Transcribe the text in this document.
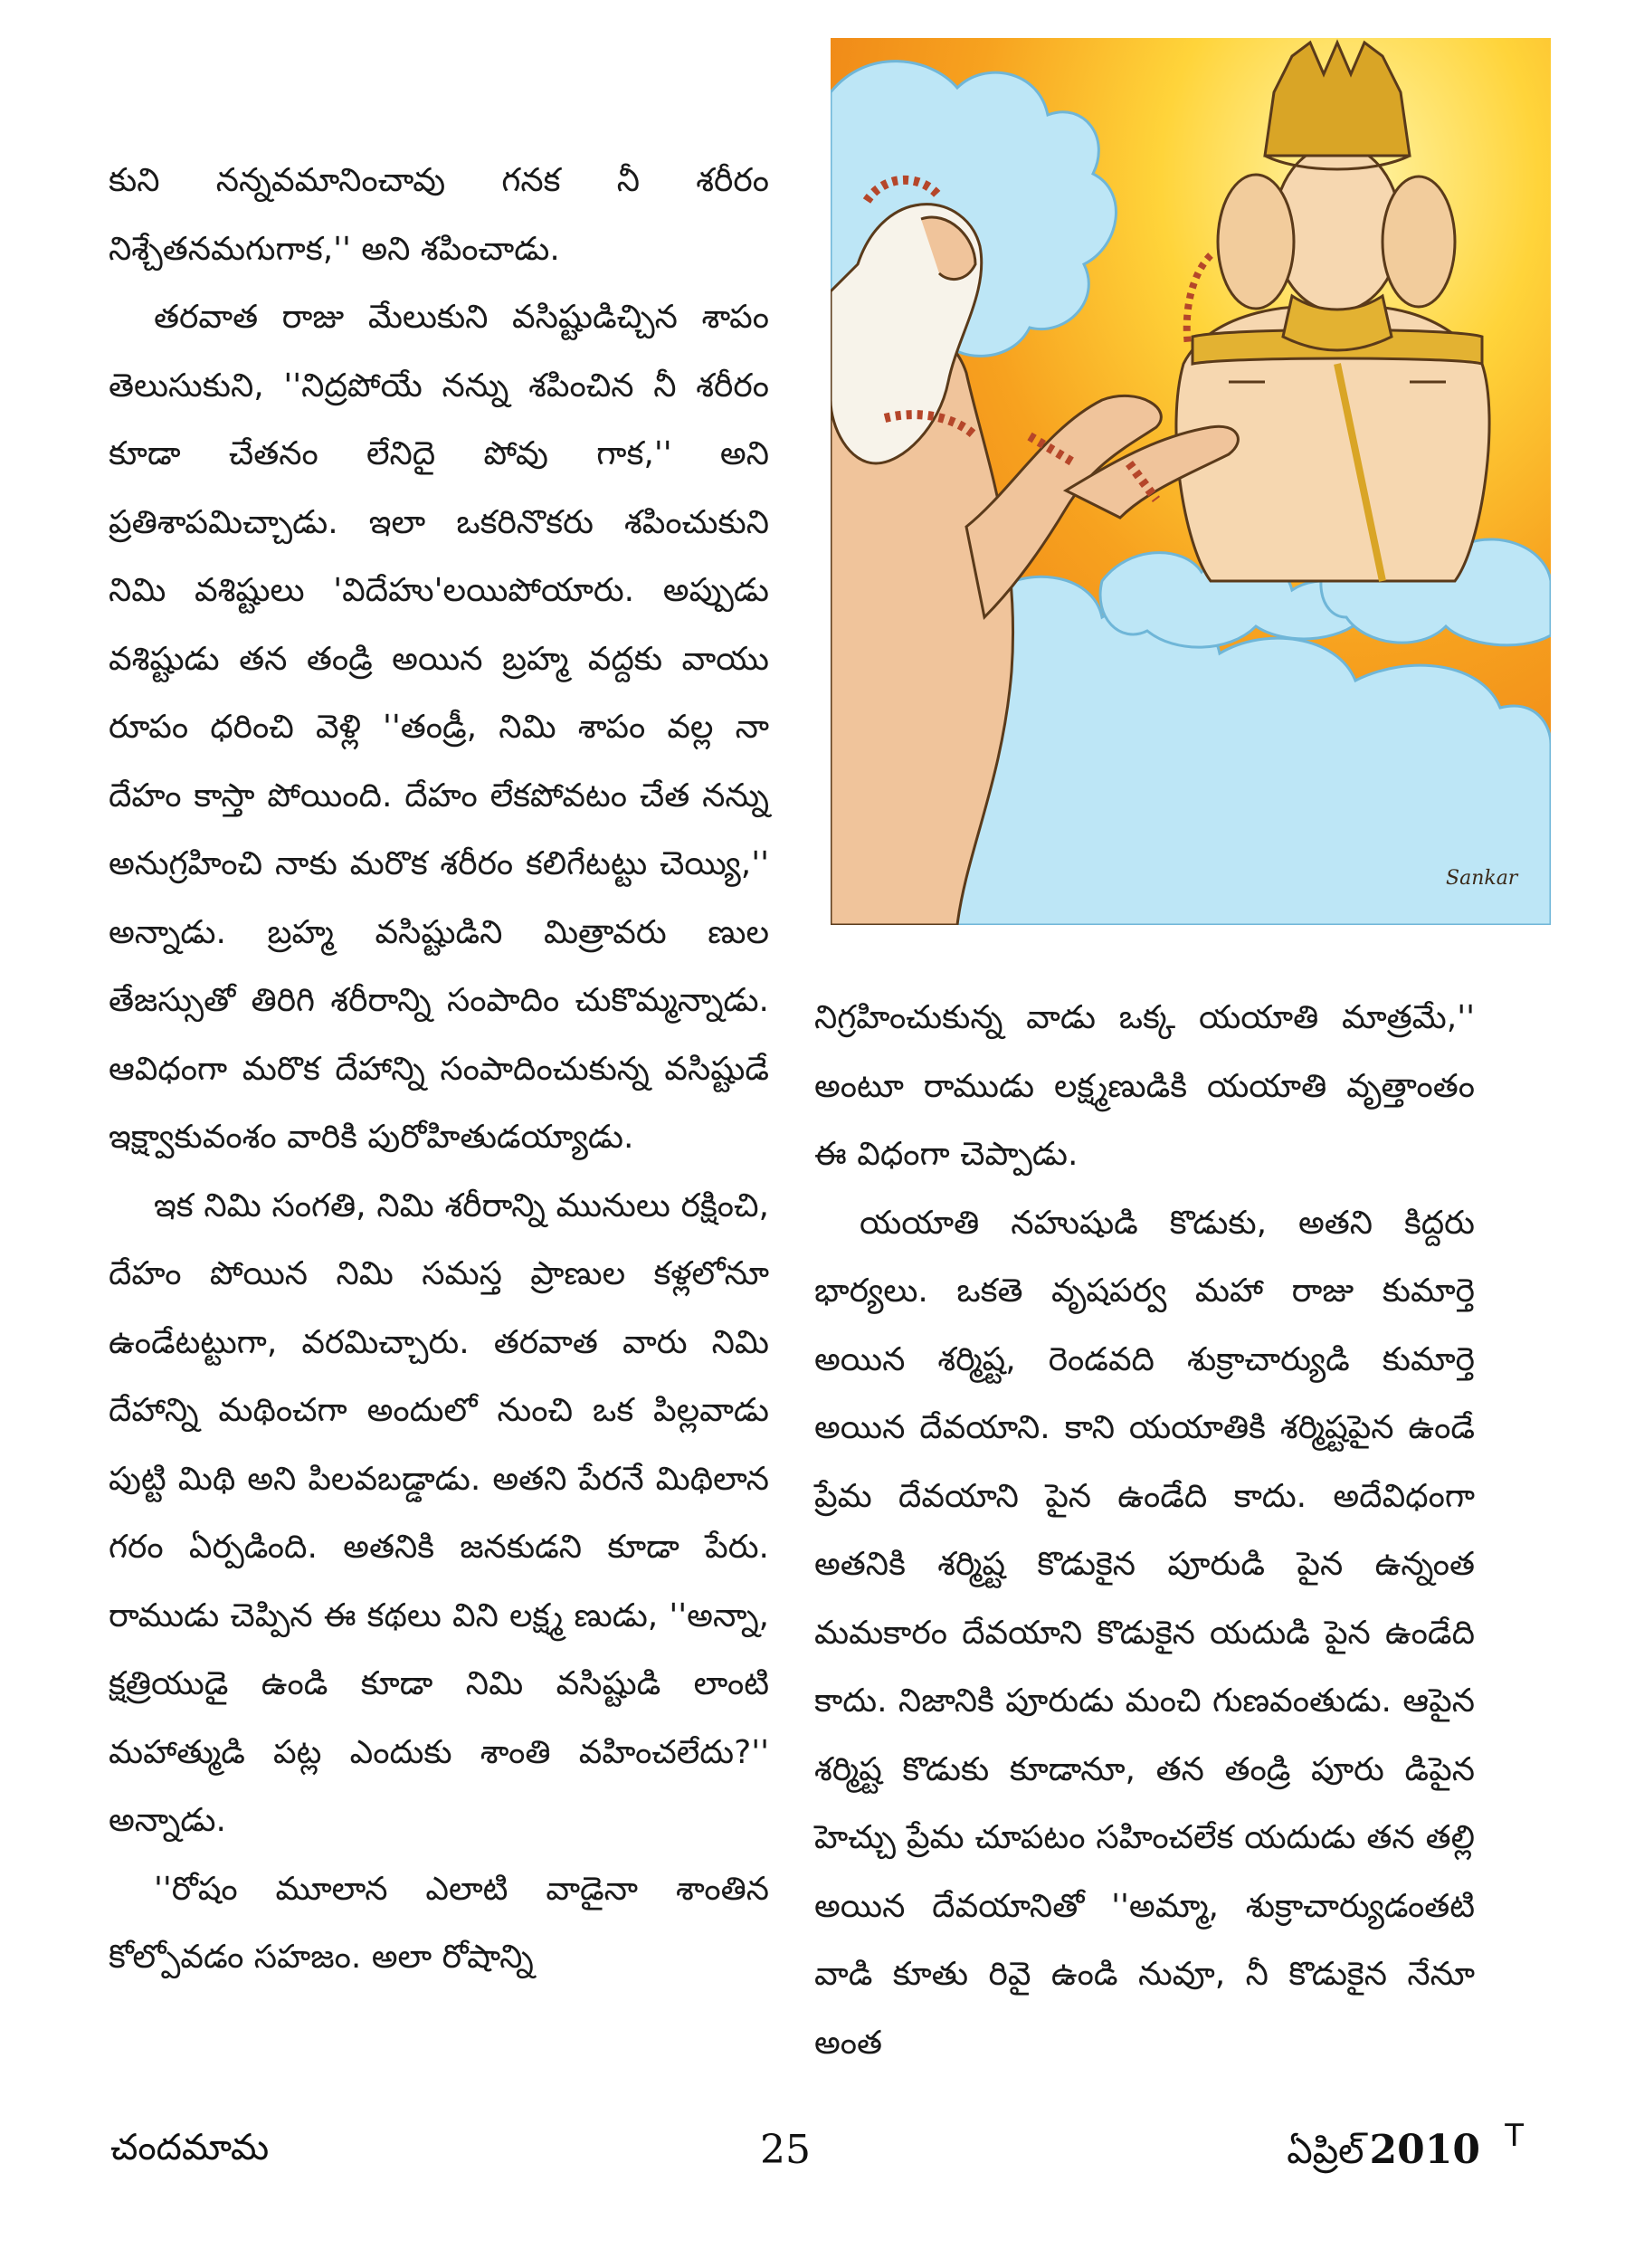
కుని నన్నవమానించావు గనక నీ శరీరం నిశ్చేతనమగుగాక,'' అని శపించాడు.

తరవాత రాజు మేలుకుని వసిష్టుడిచ్చిన శాపం తెలుసుకుని, ''నిద్రపోయే నన్ను శపించిన నీ శరీరం కూడా చేతనం లేనిదై పోవు గాక,'' అని ప్రతిశాపమిచ్చాడు. ఇలా ఒకరినొకరు శపించుకుని నిమి వశిష్టులు 'విదేహు'లయిపోయారు. అప్పుడు వశిష్టుడు తన తండ్రి అయిన బ్రహ్మ వద్దకు వాయు రూపం ధరించి వెళ్లి ''తండ్రీ, నిమి శాపం వల్ల నా దేహం కాస్తా పోయింది. దేహం లేకపోవటం చేత నన్ను అనుగ్రహించి నాకు మరొక శరీరం కలిగేటట్టు చెయ్యి,'' అన్నాడు. బ్రహ్మ వసిష్టుడిని మిత్రావరు ణుల తేజస్సుతో తిరిగి శరీరాన్ని సంపాదిం చుకొమ్మన్నాడు. ఆవిధంగా మరొక దేహాన్ని సంపాదించుకున్న వసిష్టుడే ఇక్ష్వాకువంశం వారికి పురోహితుడయ్యాడు.

ఇక నిమి సంగతి, నిమి శరీరాన్ని మునులు రక్షించి, దేహం పోయిన నిమి సమస్త ప్రాణుల కళ్లలోనూ ఉండేటట్టుగా, వరమిచ్చారు. తరవాత వారు నిమి దేహాన్ని మథించగా అందులో నుంచి ఒక పిల్లవాడు పుట్టి మిథి అని పిలవబడ్డాడు. అతని పేరనే మిథిలాన గరం ఏర్పడింది. అతనికి జనకుడని కూడా పేరు. రాముడు చెప్పిన ఈ కథలు విని లక్ష్మ ణుడు, ''అన్నా, క్షత్రియుడై ఉండి కూడా నిమి వసిష్టుడి లాంటి మహాత్ముడి పట్ల ఎందుకు శాంతి వహించలేదు?'' అన్నాడు.

''రోషం మూలాన ఎలాటి వాడైనా శాంతిన కోల్పోవడం సహజం. అలా రోషాన్ని

Sankar

నిగ్రహించుకున్న వాడు ఒక్క యయాతి మాత్రమే,'' అంటూ రాముడు లక్ష్మణుడికి యయాతి వృత్తాంతం ఈ విధంగా చెప్పాడు.

యయాతి నహుషుడి కొడుకు, అతని కిద్దరు భార్యలు. ఒకతె వృషపర్వ మహా రాజు కుమార్తె అయిన శర్మిష్ట, రెండవది శుక్రాచార్యుడి కుమార్తె అయిన దేవయాని. కాని యయాతికి శర్మిష్టపైన ఉండే ప్రేమ దేవయాని పైన ఉండేది కాదు. అదేవిధంగా అతనికి శర్మిష్ట కొడుకైన పూరుడి పైన ఉన్నంత మమకారం దేవయాని కొడుకైన యదుడి పైన ఉండేది కాదు. నిజానికి పూరుడు మంచి గుణవంతుడు. ఆపైన శర్మిష్ట కొడుకు కూడానూ, తన తండ్రి పూరు డిపైన హెచ్చు ప్రేమ చూపటం సహించలేక యదుడు తన తల్లి అయిన దేవయానితో ''అమ్మా, శుక్రాచార్యుడంతటి వాడి కూతు రివై ఉండి నువూ, నీ కొడుకైన నేనూ అంత

చందమామ	25	ఏప్రిల్ 2010 T
